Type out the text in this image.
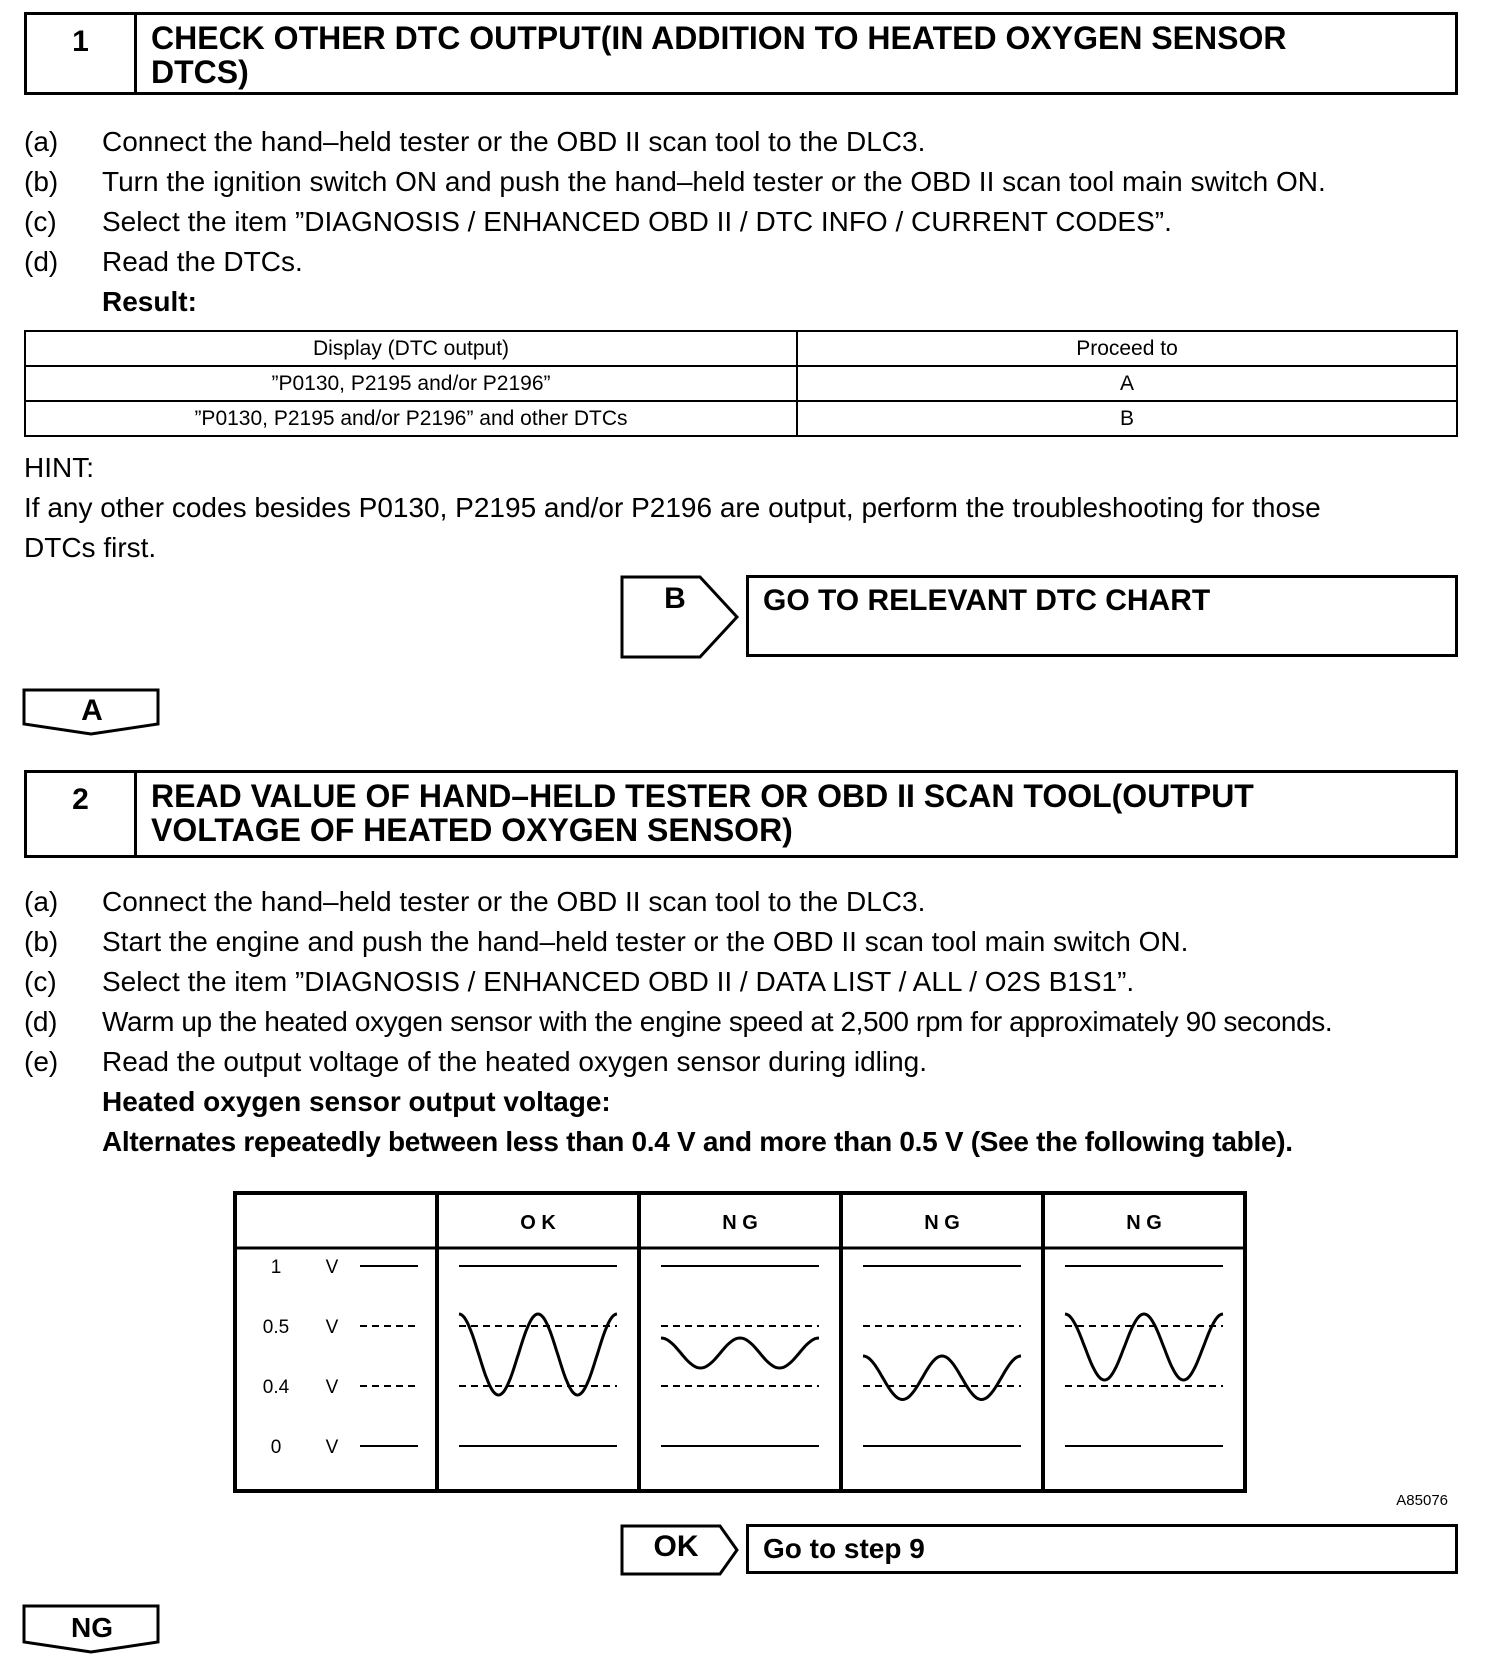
1	CHECK OTHER DTC OUTPUT(IN ADDITION TO HEATED OXYGEN SENSOR
DTCS)
(a) Connect the hand–held tester or the OBD II scan tool to the DLC3.
(b) Turn the ignition switch ON and push the hand–held tester or the OBD II scan tool main switch ON.
(c) Select the item ”DIAGNOSIS / ENHANCED OBD II / DTC INFO / CURRENT CODES”.
(d) Read the DTCs.
Result:
Display (DTC output)	Proceed to
”P0130, P2195 and/or P2196”	A
”P0130, P2195 and/or P2196” and other DTCs	B
HINT:
If any other codes besides P0130, P2195 and/or P2196 are output, perform the troubleshooting for those
DTCs first.
B	GO TO RELEVANT DTC CHART
A
2	READ VALUE OF HAND–HELD TESTER OR OBD II SCAN TOOL(OUTPUT
VOLTAGE OF HEATED OXYGEN SENSOR)
(a) Connect the hand–held tester or the OBD II scan tool to the DLC3.
(b) Start the engine and push the hand–held tester or the OBD II scan tool main switch ON.
(c) Select the item ”DIAGNOSIS / ENHANCED OBD II / DATA LIST / ALL / O2S B1S1”.
(d) Warm up the heated oxygen sensor with the engine speed at 2,500 rpm for approximately 90 seconds.
(e) Read the output voltage of the heated oxygen sensor during idling.
Heated oxygen sensor output voltage:
Alternates repeatedly between less than 0.4 V and more than 0.5 V (See the following table).
O K	N G	N G	N G
1 V
0.5 V
0.4 V
0 V
A85076
OK	Go to step 9
NG
